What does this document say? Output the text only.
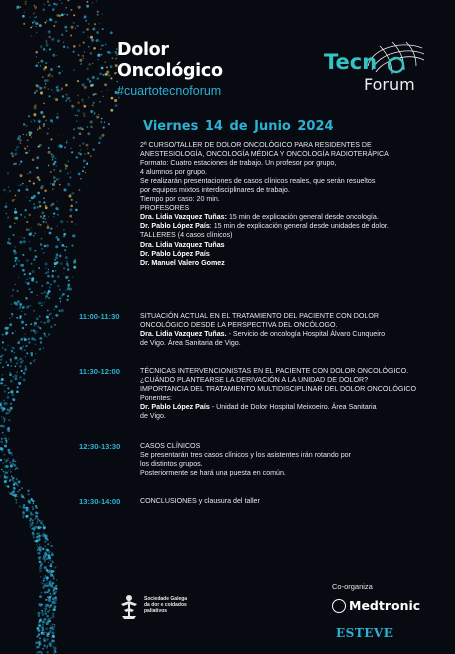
Dolor
Oncológico
#cuartotecnoforum
Tecn
Forum
Viernes 14 de Junio 2024
2ª CURSO/TALLER DE DOLOR ONCOLÓGICO PARA RESIDENTES DE
ANESTESIOLOGÍA, ONCOLOGÍA MÉDICA Y ONCOLOGÍA RADIOTERÁPICA
Formato: Cuatro estaciones de trabajo. Un profesor por grupo,
4 alumnos por grupo.
Se realizarán presentaciones de casos clínicos reales, que serán resueltos
por equipos mixtos interdisciplinares de trabajo.
Tiempo por caso: 20 min.
PROFESORES
Dra. Lidia Vazquez Tuñas: 15 min de explicación general desde oncología.
Dr. Pablo López País: 15 min de explicación general desde unidades de dolor.
TALLERES (4 casos clínicos)
Dra. Lidia Vazquez Tuñas
Dr. Pablo López País
Dr. Manuel Valero Gomez
11:00-11:30	SITUACIÓN ACTUAL EN EL TRATAMIENTO DEL PACIENTE CON DOLOR
ONCOLÓGICO DESDE LA PERSPECTIVA DEL ONCÓLOGO.
Dra. Lidia Vazquez Tuñas. - Servicio de oncología Hospital Álvaro Cunqueiro
de Vigo. Área Sanitaria de Vigo.
11:30-12:00	TÉCNICAS INTERVENCIONISTAS EN EL PACIENTE CON DOLOR ONCOLÓGICO.
¿CUÁNDO PLANTEARSE LA DERIVACIÓN A LA UNIDAD DE DOLOR?
IMPORTANCIA DEL TRATAMIENTO MULTIDISCIPLINAR DEL DOLOR ONCOLÓGICO
Ponentes:
Dr. Pablo López País - Unidad de Dolor Hospital Meixoeiro. Área Sanitaria
de Vigo.
12:30-13:30	CASOS CLÍNICOS
Se presentarán tres casos clínicos y los asistentes irán rotando por
los distintos grupos.
Posteriormente se hará una puesta en común.
13:30-14:00	CONCLUSIONES y clausura del taller
Sociedade Galega
da dor e coidados
paliativos
Co-organiza
Medtronic
ESTEVE
